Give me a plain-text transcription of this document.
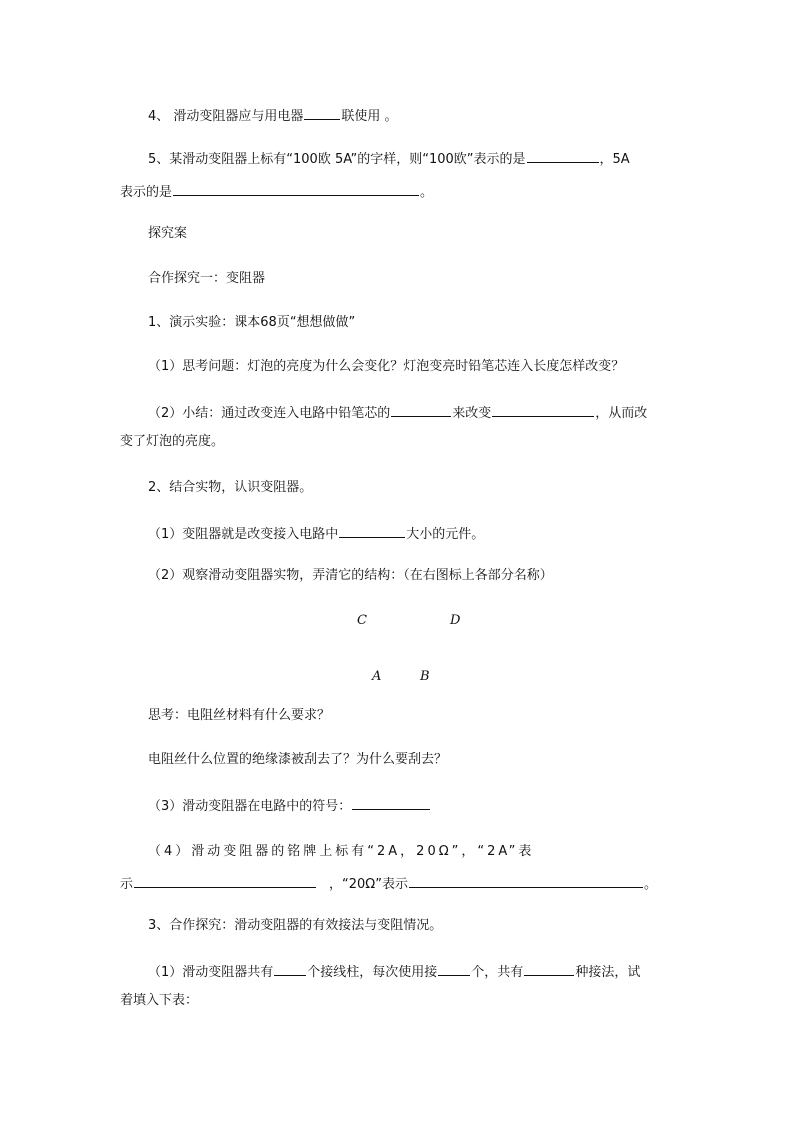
4、 滑动变阻器应与用电器	联使用 。
5、某滑动变阻器上标有“100欧 5A”的字样，则“100欧”表示的是	，5A
表示的是	。
探究案
合作探究一：变阻器
1、演示实验：课本68页“想想做做”
（1）思考问题：灯泡的亮度为什么会变化？灯泡变亮时铅笔芯连入长度怎样改变？
（2）小结：通过改变连入电路中铅笔芯的	来改变	，从而改
变了灯泡的亮度。
2、结合实物，认识变阻器。
（1）变阻器就是改变接入电路中	大小的元件。
（2）观察滑动变阻器实物，弄清它的结构：（在右图标上各部分名称）
C	D
A	B
思考：电阻丝材料有什么要求？
电阻丝什么位置的绝缘漆被刮去了？为什么要刮去？
（3）滑动变阻器在电路中的符号：
（4）滑动变阻器的铭牌上标有“2A，20Ω”，“2A”表
示	，“20Ω”表示	。
3、合作探究：滑动变阻器的有效接法与变阻情况。
（1）滑动变阻器共有	个接线柱，每次使用接	个，共有	种接法，试
着填入下表：
